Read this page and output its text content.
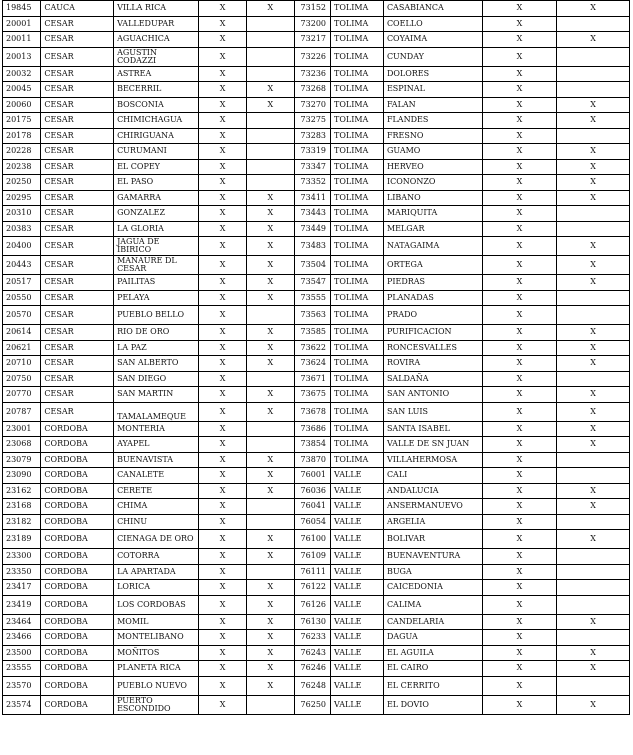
19845	CAUCA	VILLA RICA	X	X	73152	TOLIMA	CASABIANCA	X	X
20001	CESAR	VALLEDUPAR	X		73200	TOLIMA	COELLO	X	
20011	CESAR	AGUACHICA	X		73217	TOLIMA	COYAIMA	X	X
20013	CESAR	AGUSTIN CODAZZI	X		73226	TOLIMA	CUNDAY	X	
20032	CESAR	ASTREA	X		73236	TOLIMA	DOLORES	X	
20045	CESAR	BECERRIL	X	X	73268	TOLIMA	ESPINAL	X	
20060	CESAR	BOSCONIA	X	X	73270	TOLIMA	FALAN	X	X
20175	CESAR	CHIMICHAGUA	X		73275	TOLIMA	FLANDES	X	X
20178	CESAR	CHIRIGUANA	X		73283	TOLIMA	FRESNO	X	
20228	CESAR	CURUMANI	X		73319	TOLIMA	GUAMO	X	X
20238	CESAR	EL COPEY	X		73347	TOLIMA	HERVEO	X	X
20250	CESAR	EL PASO	X		73352	TOLIMA	ICONONZO	X	X
20295	CESAR	GAMARRA	X	X	73411	TOLIMA	LIBANO	X	X
20310	CESAR	GONZALEZ	X	X	73443	TOLIMA	MARIQUITA	X	
20383	CESAR	LA GLORIA	X	X	73449	TOLIMA	MELGAR	X	
20400	CESAR	JAGUA DE IBIRICO	X	X	73483	TOLIMA	NATAGAIMA	X	X
20443	CESAR	MANAURE DL CESAR	X	X	73504	TOLIMA	ORTEGA	X	X
20517	CESAR	PAILITAS	X	X	73547	TOLIMA	PIEDRAS	X	X
20550	CESAR	PELAYA	X	X	73555	TOLIMA	PLANADAS	X	
20570	CESAR	PUEBLO BELLO	X		73563	TOLIMA	PRADO	X	
20614	CESAR	RIO DE ORO	X	X	73585	TOLIMA	PURIFICACION	X	X
20621	CESAR	LA PAZ	X	X	73622	TOLIMA	RONCESVALLES	X	X
20710	CESAR	SAN ALBERTO	X	X	73624	TOLIMA	ROVIRA	X	X
20750	CESAR	SAN DIEGO	X		73671	TOLIMA	SALDAÑA	X	
20770	CESAR	SAN MARTIN	X	X	73675	TOLIMA	SAN ANTONIO	X	X
20787	CESAR	TAMALAMEQUE	X	X	73678	TOLIMA	SAN LUIS	X	X
23001	CORDOBA	MONTERIA	X		73686	TOLIMA	SANTA ISABEL	X	X
23068	CORDOBA	AYAPEL	X		73854	TOLIMA	VALLE DE SN JUAN	X	X
23079	CORDOBA	BUENAVISTA	X	X	73870	TOLIMA	VILLAHERMOSA	X	
23090	CORDOBA	CANALETE	X	X	76001	VALLE	CALI	X	
23162	CORDOBA	CERETE	X	X	76036	VALLE	ANDALUCIA	X	X
23168	CORDOBA	CHIMA	X		76041	VALLE	ANSERMANUEVO	X	X
23182	CORDOBA	CHINU	X		76054	VALLE	ARGELIA	X	
23189	CORDOBA	CIENAGA DE ORO	X	X	76100	VALLE	BOLIVAR	X	X
23300	CORDOBA	COTORRA	X	X	76109	VALLE	BUENAVENTURA	X	
23350	CORDOBA	LA APARTADA	X		76111	VALLE	BUGA	X	
23417	CORDOBA	LORICA	X	X	76122	VALLE	CAICEDONIA	X	
23419	CORDOBA	LOS CORDOBAS	X	X	76126	VALLE	CALIMA	X	
23464	CORDOBA	MOMIL	X	X	76130	VALLE	CANDELARIA	X	X
23466	CORDOBA	MONTELIBANO	X	X	76233	VALLE	DAGUA	X	
23500	CORDOBA	MOÑITOS	X	X	76243	VALLE	EL AGUILA	X	X
23555	CORDOBA	PLANETA RICA	X	X	76246	VALLE	EL CAIRO	X	X
23570	CORDOBA	PUEBLO NUEVO	X	X	76248	VALLE	EL CERRITO	X	
23574	CORDOBA	PUERTO ESCONDIDO	X		76250	VALLE	EL DOVIO	X	X
